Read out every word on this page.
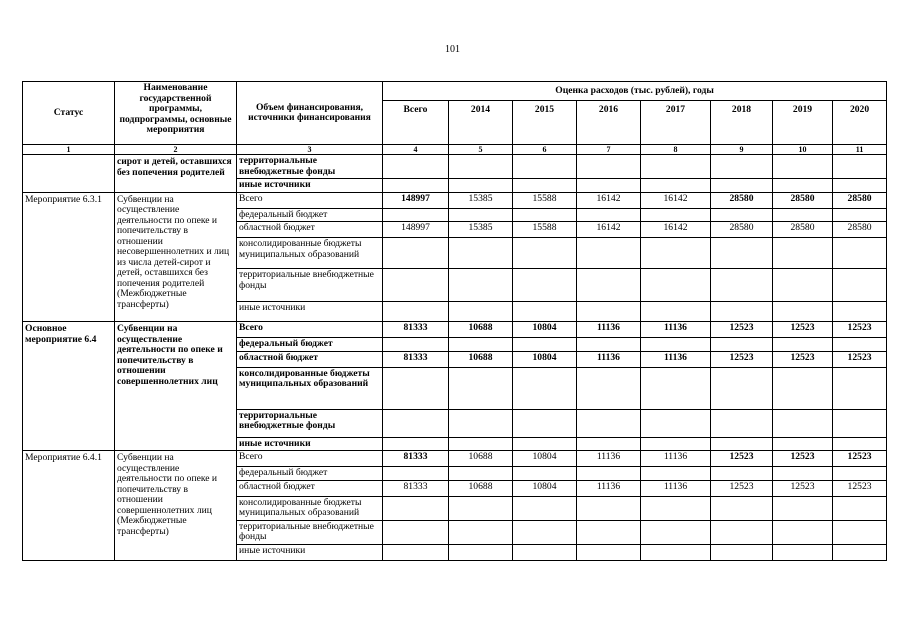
101
Статус	Наименование государственной программы, подпрограммы, основные мероприятия	Объем финансирования, источники финансирования	Оценка расходов (тыс. рублей), годы							
			Всего	2014	2015	2016	2017	2018	2019	2020
1	2	3	4	5	6	7	8	9	10	11
	сирот и детей, оставшихся без попечения родителей	территориальные внебюджетные фонды								
		иные источники								
Мероприятие 6.3.1	Субвенции на осуществление деятельности по опеке и попечительству в отношении несовершеннолетних и лиц из числа детей-сирот и детей, оставшихся без попечения родителей (Межбюджетные трансферты)	Всего	148997	15385	15588	16142	16142	28580	28580	28580
		федеральный бюджет								
		областной бюджет	148997	15385	15588	16142	16142	28580	28580	28580
		консолидированные бюджеты муниципальных образований								
		территориальные внебюджетные фонды								
		иные источники								
Основное мероприятие 6.4	Субвенции на осуществление деятельности по опеке и попечительству в отношении совершеннолетних лиц	Всего	81333	10688	10804	11136	11136	12523	12523	12523
		федеральный бюджет								
		областной бюджет	81333	10688	10804	11136	11136	12523	12523	12523
		консолидированные бюджеты муниципальных образований								
		территориальные внебюджетные фонды								
		иные источники								
Мероприятие 6.4.1	Субвенции на осуществление деятельности по опеке и попечительству в отношении совершеннолетних лиц (Межбюджетные трансферты)	Всего	81333	10688	10804	11136	11136	12523	12523	12523
		федеральный бюджет								
		областной бюджет	81333	10688	10804	11136	11136	12523	12523	12523
		консолидированные бюджеты муниципальных образований								
		территориальные внебюджетные фонды								
		иные источники								
